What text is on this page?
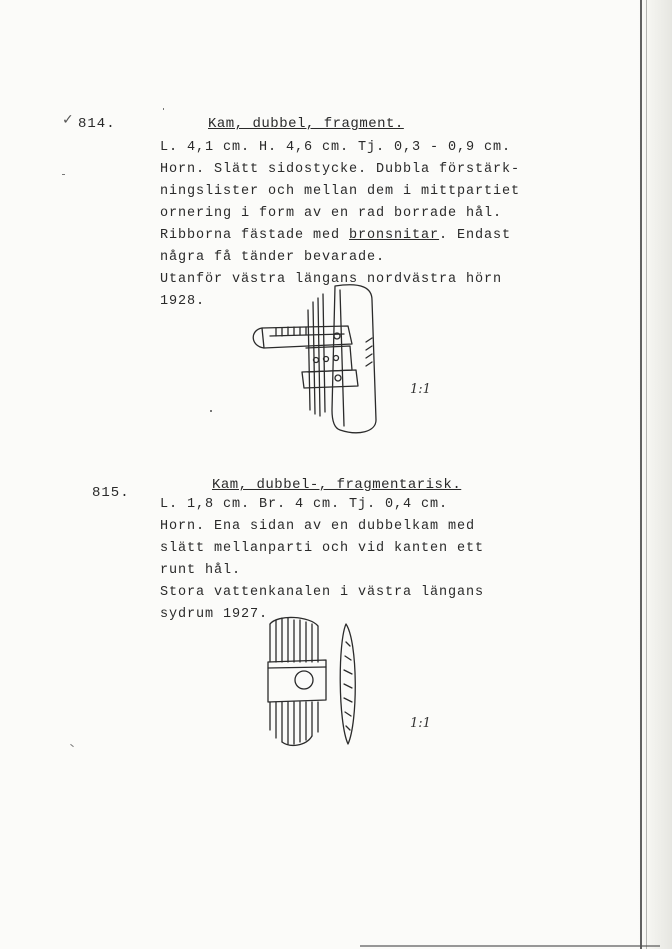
✓ 814.	Kam, dubbel, fragment.
L. 4,1 cm. H. 4,6 cm. Tj. 0,3 - 0,9 cm.
Horn. Slätt sidostycke. Dubbla förstärk-
ningslister och mellan dem i mittpartiet
ornering i form av en rad borrade hål.
Ribborna fästade med bronsnitar. Endast
några få tänder bevarade.
Utanför västra längans nordvästra hörn
1928.
1:1
815.	Kam, dubbel-, fragmentarisk.
L. 1,8 cm. Br. 4 cm. Tj. 0,4 cm.
Horn. Ena sidan av en dubbelkam med
slätt mellanparti och vid kanten ett
runt hål.
Stora vattenkanalen i västra längans
sydrum 1927.
1:1
